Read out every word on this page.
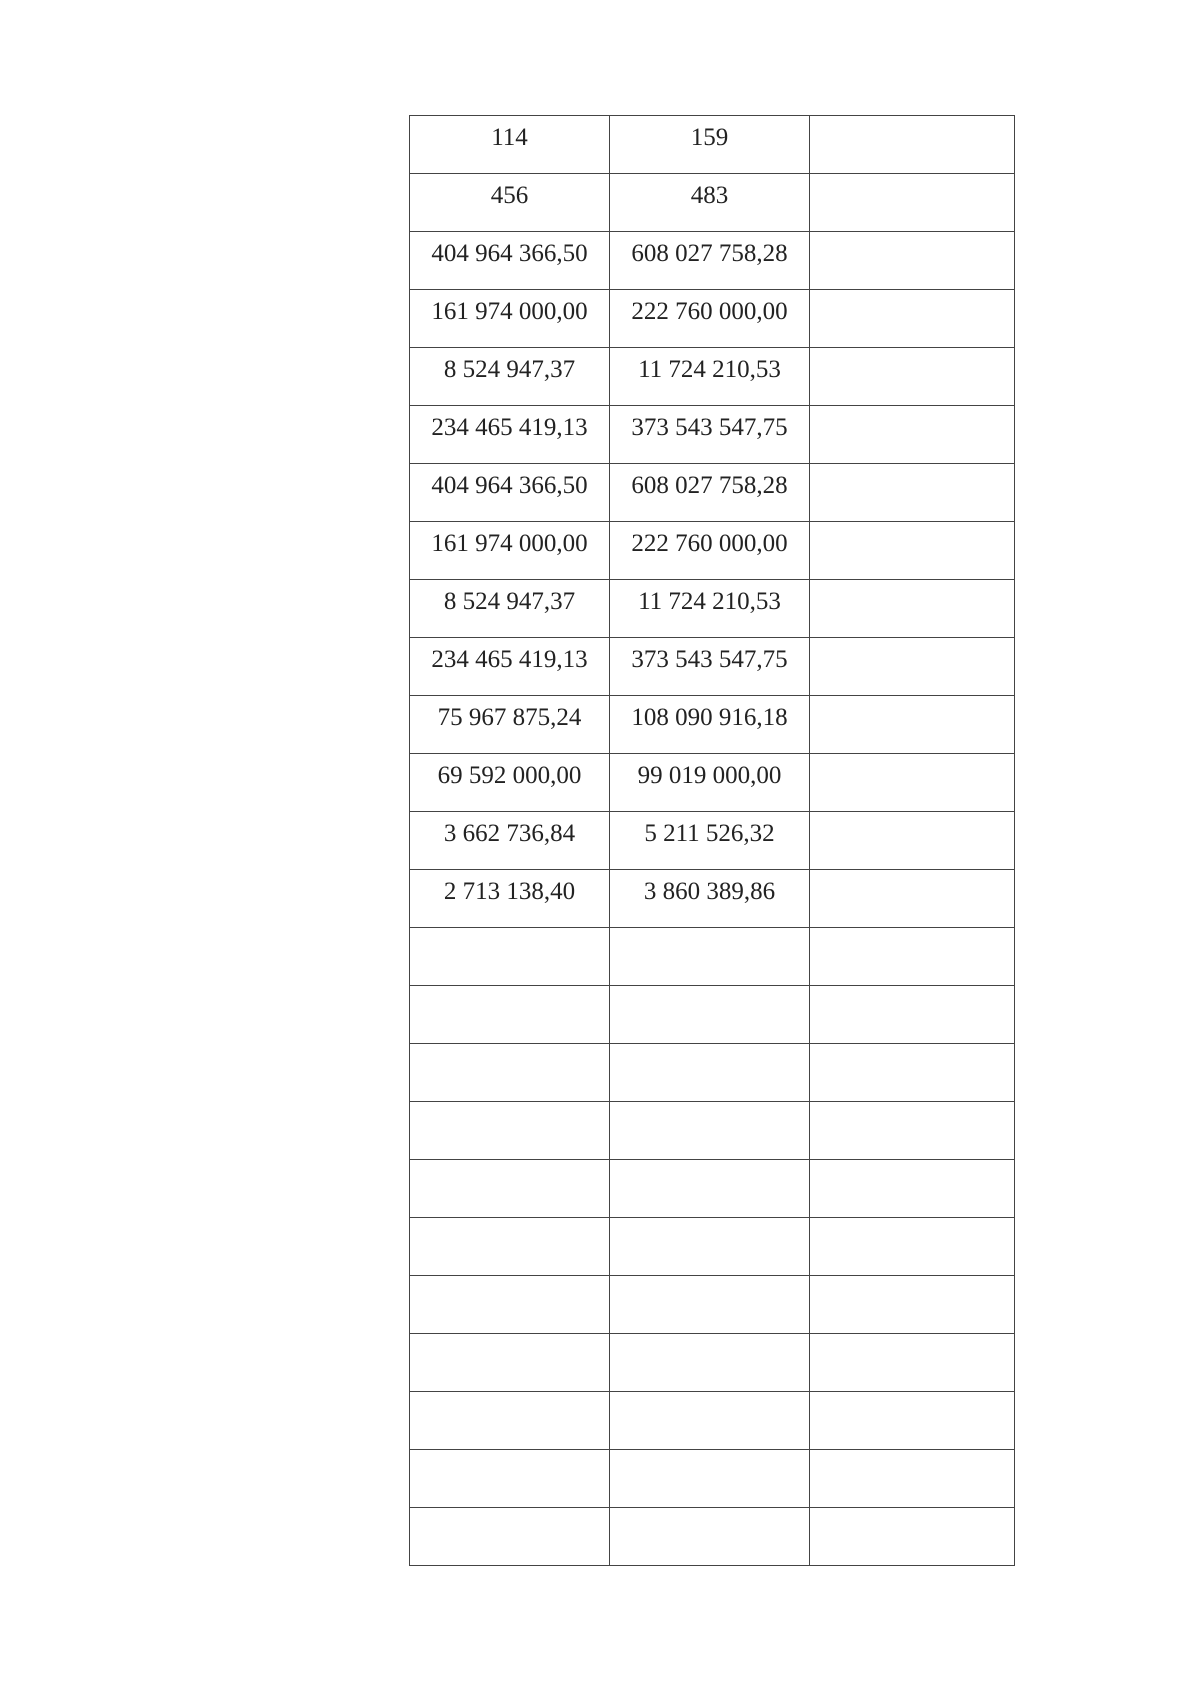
114	159	

456	483	

404 964 366,50	608 027 758,28	

161 974 000,00	222 760 000,00	

8 524 947,37	11 724 210,53	

234 465 419,13	373 543 547,75	

404 964 366,50	608 027 758,28	

161 974 000,00	222 760 000,00	

8 524 947,37	11 724 210,53	

234 465 419,13	373 543 547,75	

75 967 875,24	108 090 916,18	

69 592 000,00	99 019 000,00	

3 662 736,84	5 211 526,32	

2 713 138,40	3 860 389,86	
